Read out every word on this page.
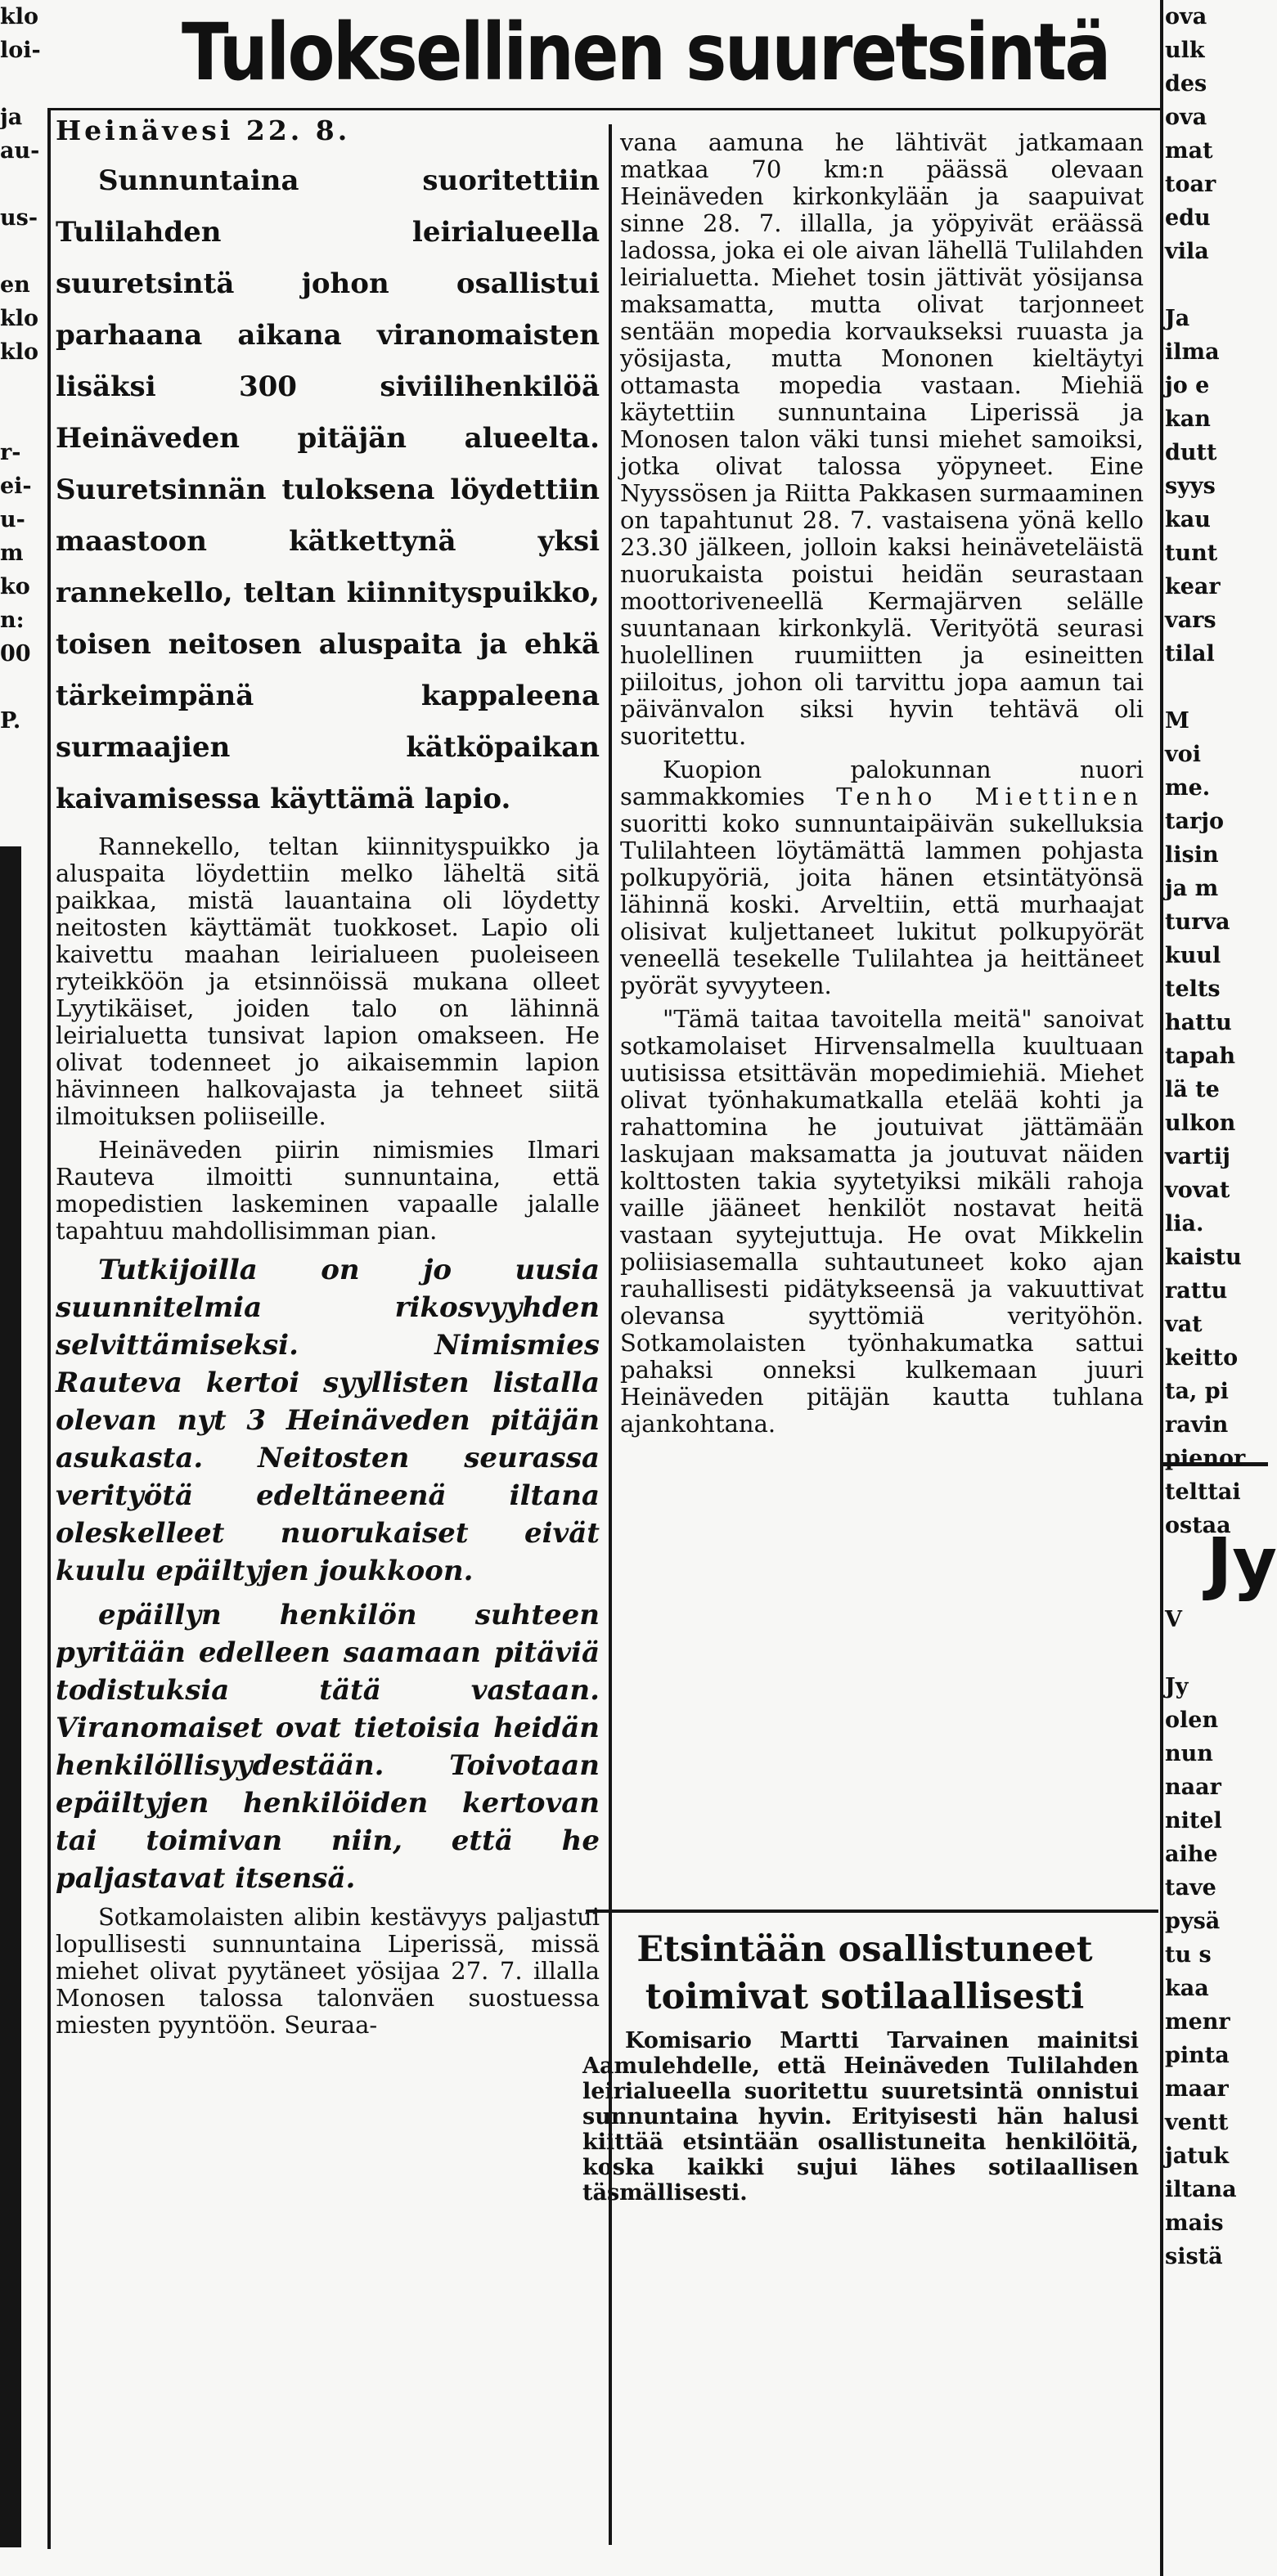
Tuloksellinen suuretsintä
klo
loi-

ja
au-

us-

en
klo
klo

r-
ei-
u-
m
ko
n:
00

P.
ova
ulk
des
ova
mat
toar
edu
vila

Ja
ilma
jo e
kan
dutt
syys
kau
tunt
kear
vars
tilal

M
voi
me.
tarjo
lisin
ja m
turva
kuul
telts
hattu
tapah
lä te
ulkon
vartij
vovat
lia.
kaistu
rattu
vat
keitto
ta, pi
ravin
pienor
telttai
ostaa
Jy
V

Jy
olen
nun
naar
nitel
aihe
tave
pysä
tu s
kaa
menr
pinta
maar
ventt
jatuk
iltana
mais
sistä

Heinävesi 22. 8.

Sunnuntaina suoritettiin Tulilahden leirialueella suuretsintä johon osallistui parhaana aikana viranomaisten lisäksi 300 siviilihenkilöä Heinäveden pitäjän alueelta. Suuretsinnän tuloksena löydettiin maastoon kätkettynä yksi rannekello, teltan kiinnityspuikko, toisen neitosen aluspaita ja ehkä tärkeimpänä kappaleena surmaajien kätköpaikan kaivamisessa käyttämä lapio.

Rannekello, teltan kiinnityspuikko ja aluspaita löydettiin melko läheltä sitä paikkaa, mistä lauantaina oli löydetty neitosten käyttämät tuokkoset. Lapio oli kaivettu maahan leirialueen puoleiseen ryteikköön ja etsinnöissä mukana olleet Lyytikäiset, joiden talo on lähinnä leirialuetta tunsivat lapion omakseen. He olivat todenneet jo aikaisemmin lapion hävinneen halkovajasta ja tehneet siitä ilmoituksen poliiseille.

Heinäveden piirin nimismies Ilmari Rauteva ilmoitti sunnuntaina, että mopedistien laskeminen vapaalle jalalle tapahtuu mahdollisimman pian.

Tutkijoilla on jo uusia suunnitelmia rikosvyyhden selvittämiseksi. Nimismies Rauteva kertoi syyllisten listalla olevan nyt 3 Heinäveden pitäjän asukasta. Neitosten seurassa verityötä edeltäneenä iltana oleskelleet nuorukaiset eivät kuulu epäiltyjen joukkoon.

epäillyn henkilön suhteen pyritään edelleen saamaan pitäviä todistuksia tätä vastaan. Viranomaiset ovat tietoisia heidän henkilöllisyydestään. Toivotaan epäiltyjen henkilöiden kertovan tai toimivan niin, että he paljastavat itsensä.

Sotkamolaisten alibin kestävyys paljastui lopullisesti sunnuntaina Liperissä, missä miehet olivat pyytäneet yösijaa 27. 7. illalla Monosen talossa talonväen suostuessa miesten pyyntöön. Seuraa-

vana aamuna he lähtivät jatkamaan matkaa 70 km:n päässä olevaan Heinäveden kirkonkylään ja saapuivat sinne 28. 7. illalla, ja yöpyivät eräässä ladossa, joka ei ole aivan lähellä Tulilahden leirialuetta. Miehet tosin jättivät yösijansa maksamatta, mutta olivat tarjonneet sentään mopedia korvaukseksi ruuasta ja yösijasta, mutta Mononen kieltäytyi ottamasta mopedia vastaan. Miehiä käytettiin sunnuntaina Liperissä ja Monosen talon väki tunsi miehet samoiksi, jotka olivat talossa yöpyneet. Eine Nyyssösen ja Riitta Pakkasen surmaaminen on tapahtunut 28. 7. vastaisena yönä kello 23.30 jälkeen, jolloin kaksi heinäveteläistä nuorukaista poistui heidän seurastaan moottoriveneellä Kermajärven selälle suuntanaan kirkonkylä. Verityötä seurasi huolellinen ruumiitten ja esineitten piiloitus, johon oli tarvittu jopa aamun tai päivänvalon siksi hyvin tehtävä oli suoritettu.

Kuopion palokunnan nuori sammakkomies Tenho Miettinen suoritti koko sunnuntaipäivän sukelluksia Tulilahteen löytämättä lammen pohjasta polkupyöriä, joita hänen etsintätyönsä lähinnä koski. Arveltiin, että murhaajat olisivat kuljettaneet lukitut polkupyörät veneellä tesekelle Tulilahtea ja heittäneet pyörät syvyyteen.

"Tämä taitaa tavoitella meitä" sanoivat sotkamolaiset Hirvensalmella kuultuaan uutisissa etsittävän mopedimiehiä. Miehet olivat työnhakumatkalla etelää kohti ja rahattomina he joutuivat jättämään laskujaan maksamatta ja joutuvat näiden kolttosten takia syytetyiksi mikäli rahoja vaille jääneet henkilöt nostavat heitä vastaan syytejuttuja. He ovat Mikkelin poliisiasemalla suhtautuneet koko ajan rauhallisesti pidätykseensä ja vakuuttivat olevansa syyttömiä verityöhön. Sotkamolaisten työnhakumatka sattui pahaksi onneksi kulkemaan juuri Heinäveden pitäjän kautta tuhlana ajankohtana.

Etsintään osallistuneet toimivat sotilaallisesti

Komisario Martti Tarvainen mainitsi Aamulehdelle, että Heinäveden Tulilahden leirialueella suoritettu suuretsintä onnistui sunnuntaina hyvin. Erityisesti hän halusi kiittää etsintään osallistuneita henkilöitä, koska kaikki sujui lähes sotilaallisen täsmällisesti.
